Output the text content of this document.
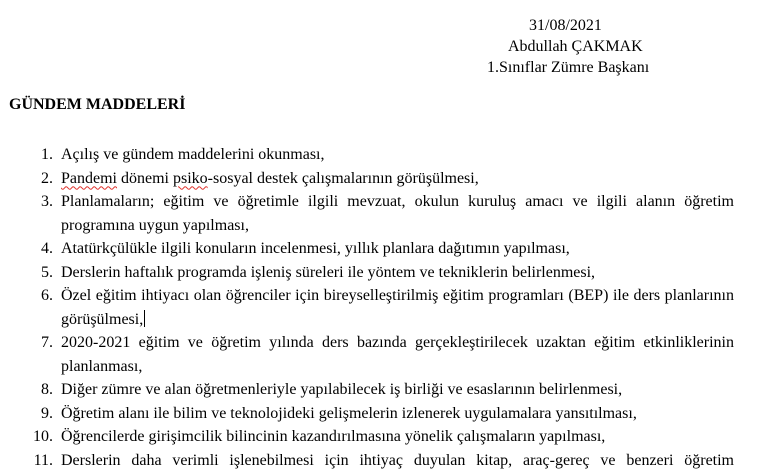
31/08/2021
Abdullah ÇAKMAK
1.Sınıflar Zümre Başkanı
GÜNDEM MADDELERİ
1. Açılış ve gündem maddelerini okunması,
2. Pandemi dönemi psiko-sosyal destek çalışmalarının görüşülmesi,
3. Planlamaların; eğitim ve öğretimle ilgili mevzuat, okulun kuruluş amacı ve ilgili alanın öğretim programına uygun yapılması,
4. Atatürkçülükle ilgili konuların incelenmesi, yıllık planlara dağıtımın yapılması,
5. Derslerin haftalık programda işleniş süreleri ile yöntem ve tekniklerin belirlenmesi,
6. Özel eğitim ihtiyacı olan öğrenciler için bireyselleştirilmiş eğitim programları (BEP) ile ders planlarının görüşülmesi,
7. 2020-2021 eğitim ve öğretim yılında ders bazında gerçekleştirilecek uzaktan eğitim etkinliklerinin planlanması,
8. Diğer zümre ve alan öğretmenleriyle yapılabilecek iş birliği ve esaslarının belirlenmesi,
9. Öğretim alanı ile bilim ve teknolojideki gelişmelerin izlenerek uygulamalara yansıtılması,
10. Öğrencilerde girişimcilik bilincinin kazandırılmasına yönelik çalışmaların yapılması,
11. Derslerin daha verimli işlenebilmesi için ihtiyaç duyulan kitap, araç-gereç ve benzeri öğretim
